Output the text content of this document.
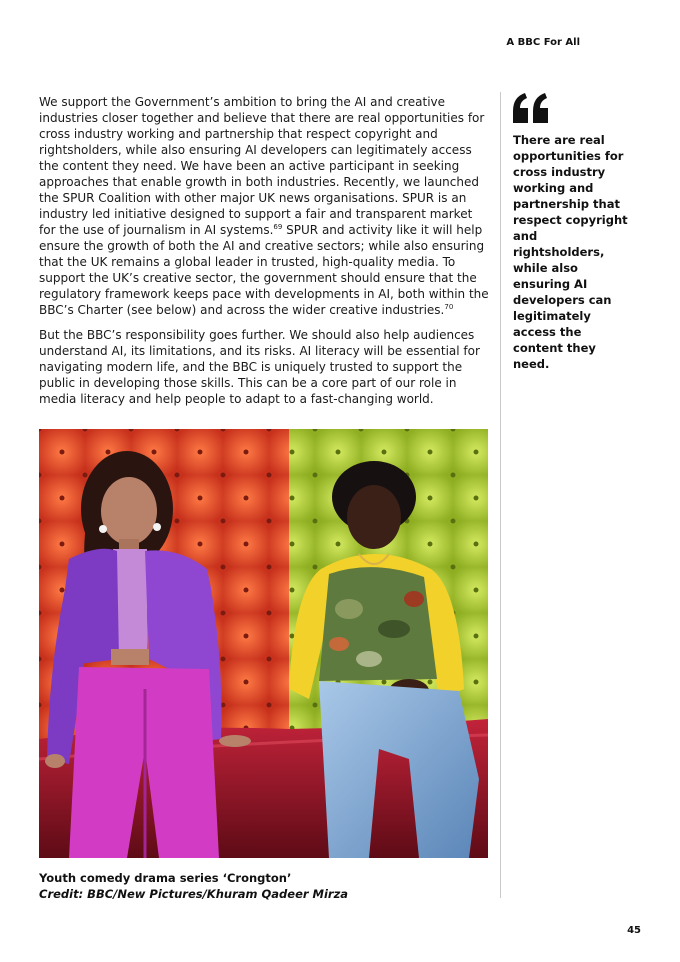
A BBC For All

We support the Government’s ambition to bring the AI and creative industries closer together and believe that there are real opportunities for cross industry working and partnership that respect copyright and rightsholders, while also ensuring AI developers can legitimately access the content they need. We have been an active participant in seeking approaches that enable growth in both industries. Recently, we launched the SPUR Coalition with other major UK news organisations. SPUR is an industry led initiative designed to support a fair and transparent market for the use of journalism in AI systems.$^{69}$ SPUR and activity like it will help ensure the growth of both the AI and creative sectors; while also ensuring that the UK remains a global leader in trusted, high-quality media. To support the UK’s creative sector, the government should ensure that the regulatory framework keeps pace with developments in AI, both within the BBC’s Charter (see below) and across the wider creative industries.$^{70}$

But the BBC’s responsibility goes further. We should also help audiences understand AI, its limitations, and its risks. AI literacy will be essential for navigating modern life, and the BBC is uniquely trusted to support the public in developing those skills. This can be a core part of our role in media literacy and help people to adapt to a fast-changing world.

There are real opportunities for cross industry working and partnership that respect copyright and rightsholders, while also ensuring AI developers can legitimately access the content they need.
Youth comedy drama series ‘Crongton’
Credit: BBC/New Pictures/Khuram Qadeer Mirza
45
